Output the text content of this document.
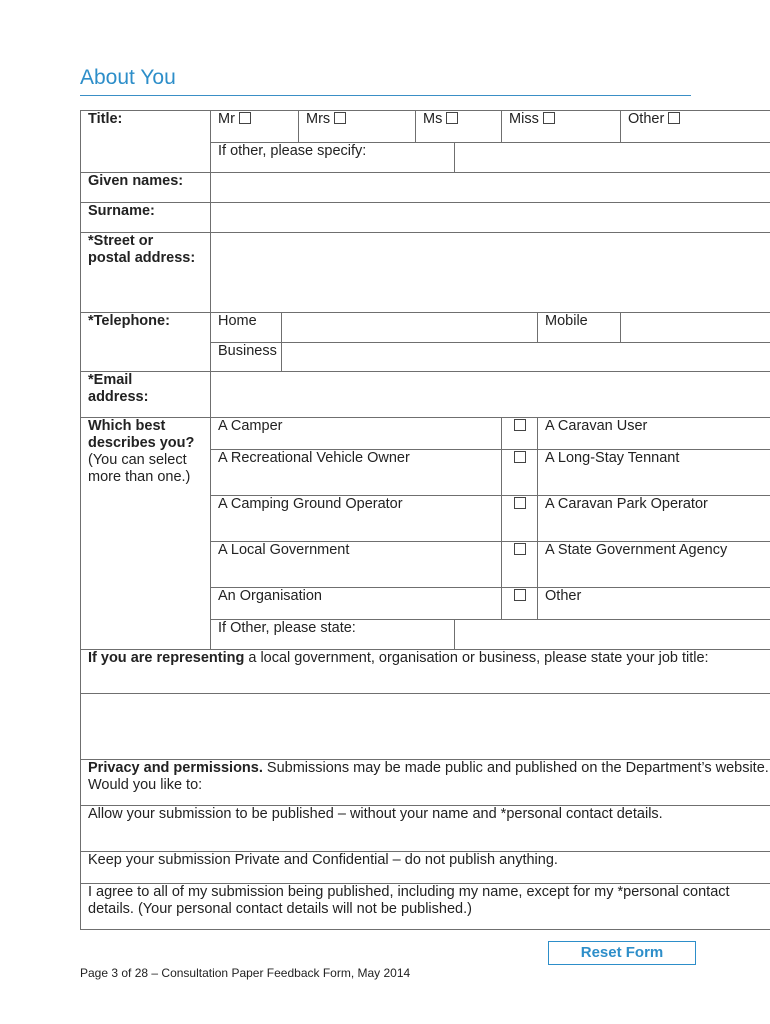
About You
Title:	Mr		Mrs	Ms		Miss		Other	
	If other, please specify:								
Given names:									
Surname:									
*Street or
postal address:									
*Telephone:	Home						Mobile		
	Business								
*Email
address:									
Which best
describes you?
(You can select
more than one.)	A Camper						A Caravan User		
	A Recreational Vehicle Owner						A Long-Stay Tennant		
	A Camping Ground Operator						A Caravan Park Operator		
	A Local Government						A State Government Agency		
	An Organisation						Other		
	If Other, please state:								
If you are representing a local government, organisation or business, please state your job title:									

Privacy and permissions. Submissions may be made public and published on the Department’s website. Would you like to:									
Allow your submission to be published – without your name and *personal contact details.									
Keep your submission Private and Confidential – do not publish anything.									
I agree to all of my submission being published, including my name, except for my *personal contact details. (Your personal contact details will not be published.)									
Reset Form
Page 3 of 28 – Consultation Paper Feedback Form, May 2014
